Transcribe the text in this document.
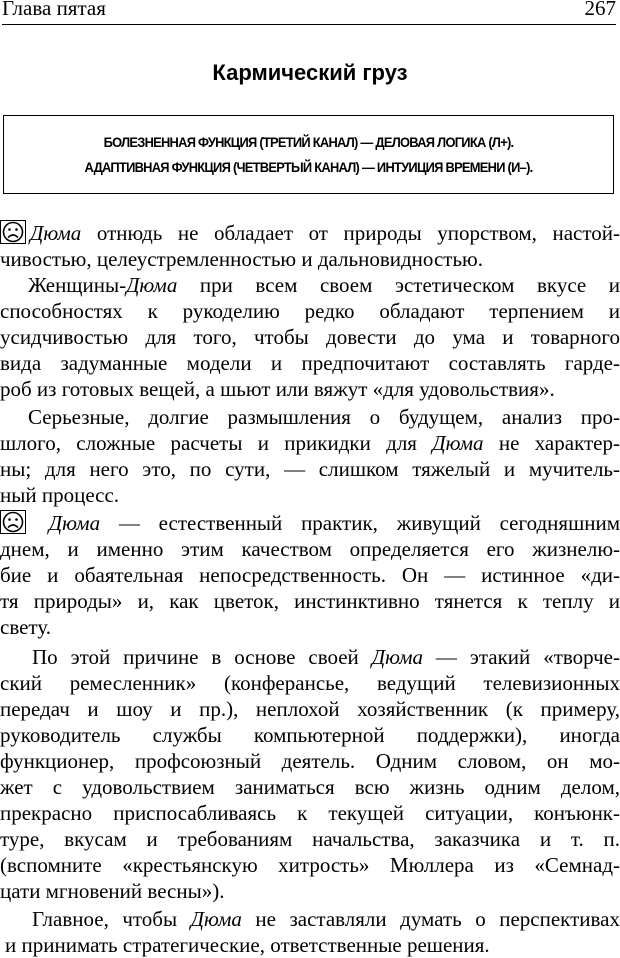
Глава пятая	267
Кармический груз
БОЛЕЗНЕННАЯ ФУНКЦИЯ (ТРЕТИЙ КАНАЛ) — ДЕЛОВАЯ ЛОГИКА (Л+).
АДАПТИВНАЯ ФУНКЦИЯ (ЧЕТВЕРТЫЙ КАНАЛ) — ИНТУИЦИЯ ВРЕМЕНИ (И–).
Дюма отнюдь не обладает от природы упорством, настой-
чивостью, целеустремленностью и дальновидностью.
Женщины-Дюма при всем своем эстетическом вкусе и
способностях к рукоделию редко обладают терпением и
усидчивостью для того, чтобы довести до ума и товарного
вида задуманные модели и предпочитают составлять гарде-
роб из готовых вещей, а шьют или вяжут «для удовольствия».
Серьезные, долгие размышления о будущем, анализ про-
шлого, сложные расчеты и прикидки для Дюма не характер-
ны; для него это, по сути, — слишком тяжелый и мучитель-
ный процесс.
Дюма — естественный практик, живущий сегодняшним
днем, и именно этим качеством определяется его жизнелю-
бие и обаятельная непосредственность. Он — истинное «ди-
тя природы» и, как цветок, инстинктивно тянется к теплу и
свету.
По этой причине в основе своей Дюма — этакий «творче-
ский ремесленник» (конферансье, ведущий телевизионных
передач и шоу и пр.), неплохой хозяйственник (к примеру,
руководитель службы компьютерной поддержки), иногда
функционер, профсоюзный деятель. Одним словом, он мо-
жет с удовольствием заниматься всю жизнь одним делом,
прекрасно приспосабливаясь к текущей ситуации, конъюнк-
туре, вкусам и требованиям начальства, заказчика и т. п.
(вспомните «крестьянскую хитрость» Мюллера из «Семнад-
цати мгновений весны»).
Главное, чтобы Дюма не заставляли думать о перспективах
и принимать стратегические, ответственные решения.
